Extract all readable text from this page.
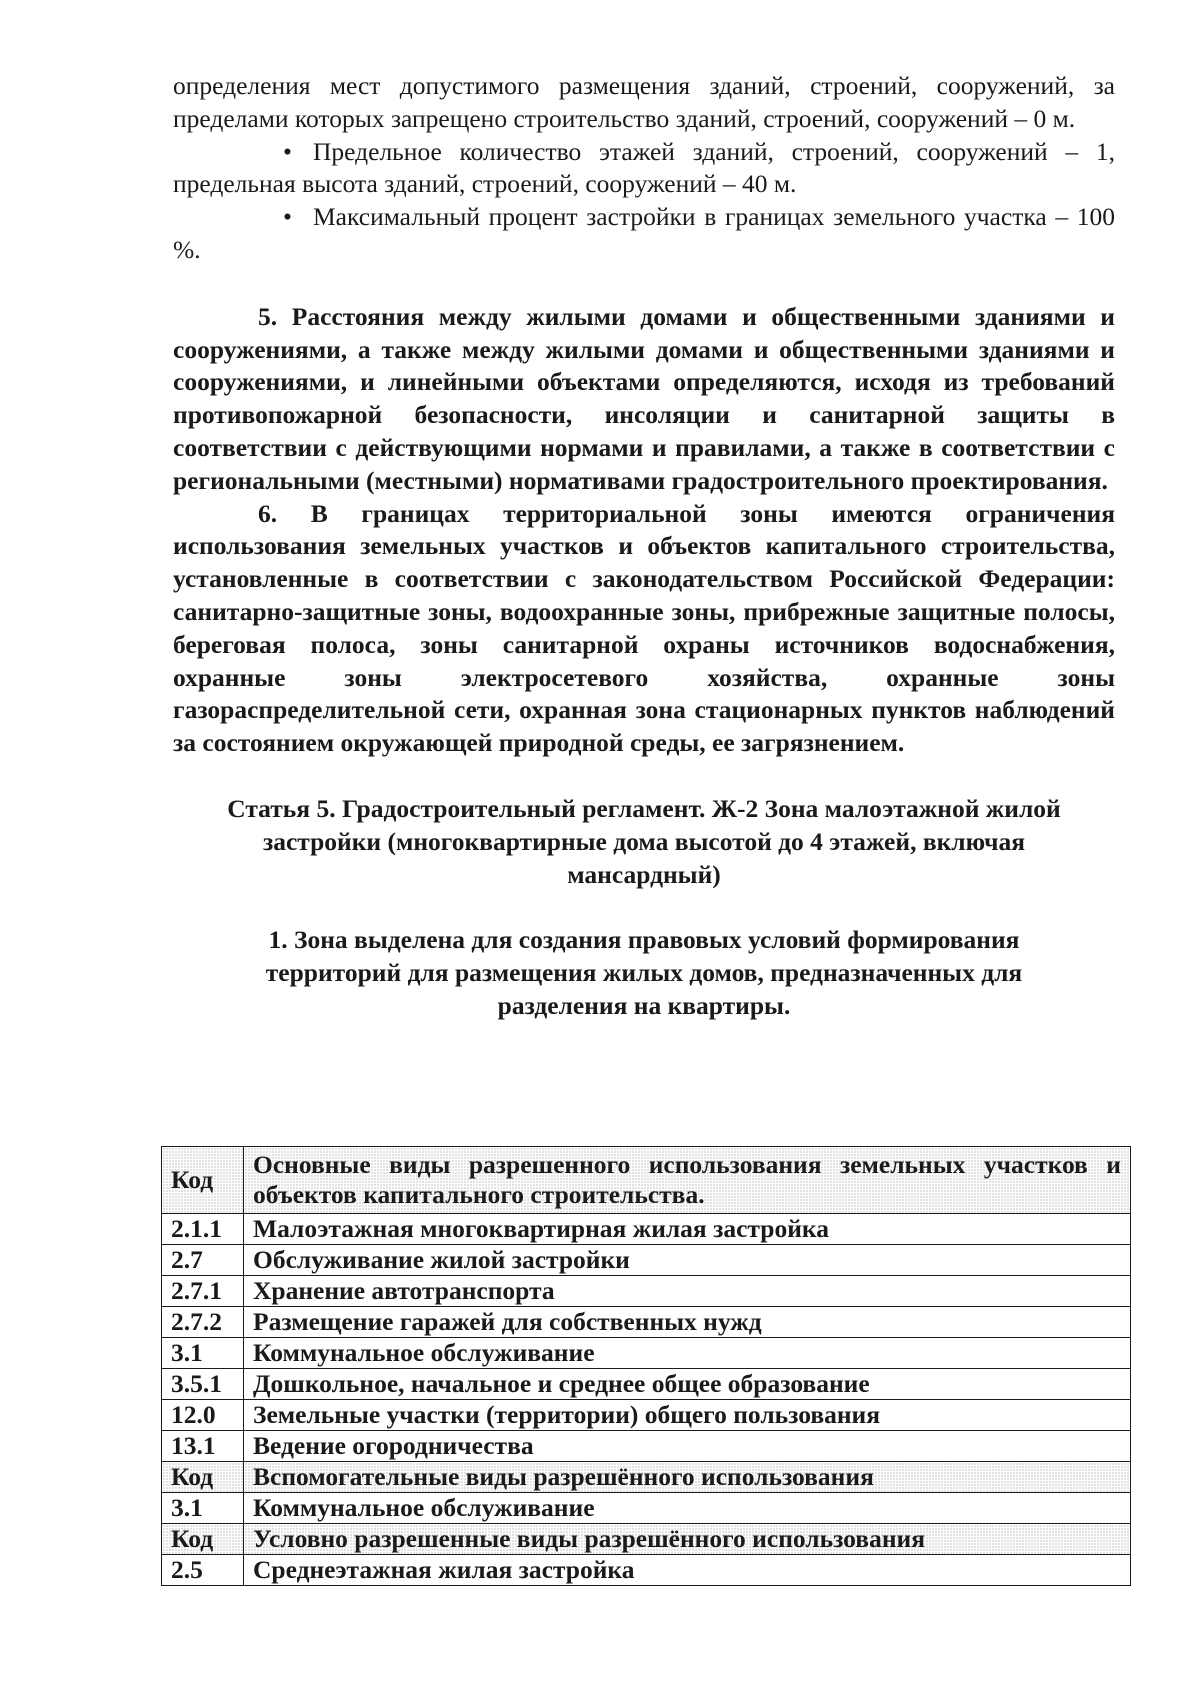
определения мест допустимого размещения зданий, строений, сооружений, за пределами которых запрещено строительство зданий, строений, сооружений – 0 м.

• Предельное количество этажей зданий, строений, сооружений – 1, предельная высота зданий, строений, сооружений – 40 м.

• Максимальный процент застройки в границах земельного участка – 100 %.

5. Расстояния между жилыми домами и общественными зданиями и сооружениями, а также между жилыми домами и общественными зданиями и сооружениями, и линейными объектами определяются, исходя из требований противопожарной безопасности, инсоляции и санитарной защиты в соответствии с действующими нормами и правилами, а также в соответствии с региональными (местными) нормативами градостроительного проектирования.

6. В границах территориальной зоны имеются ограничения использования земельных участков и объектов капитального строительства, установленные в соответствии с законодательством Российской Федерации: санитарно-защитные зоны, водоохранные зоны, прибрежные защитные полосы, береговая полоса, зоны санитарной охраны источников водоснабжения, охранные зоны электросетевого хозяйства, охранные зоны газораспределительной сети, охранная зона стационарных пунктов наблюдений за состоянием окружающей природной среды, ее загрязнением.

Статья 5. Градостроительный регламент. Ж-2 Зона малоэтажной жилой
застройки (многоквартирные дома высотой до 4 этажей, включая
мансардный)
1. Зона выделена для создания правовых условий формирования
территорий для размещения жилых домов, предназначенных для
разделения на квартиры.
Код	Основные виды разрешенного использования земельных участков и объектов капитального строительства.
2.1.1	Малоэтажная многоквартирная жилая застройка
2.7	Обслуживание жилой застройки
2.7.1	Хранение автотранспорта
2.7.2	Размещение гаражей для собственных нужд
3.1	Коммунальное обслуживание
3.5.1	Дошкольное, начальное и среднее общее образование
12.0	Земельные участки (территории) общего пользования
13.1	Ведение огородничества
Код	Вспомогательные виды разрешённого использования
3.1	Коммунальное обслуживание
Код	Условно разрешенные виды разрешённого использования
2.5	Среднеэтажная жилая застройка
